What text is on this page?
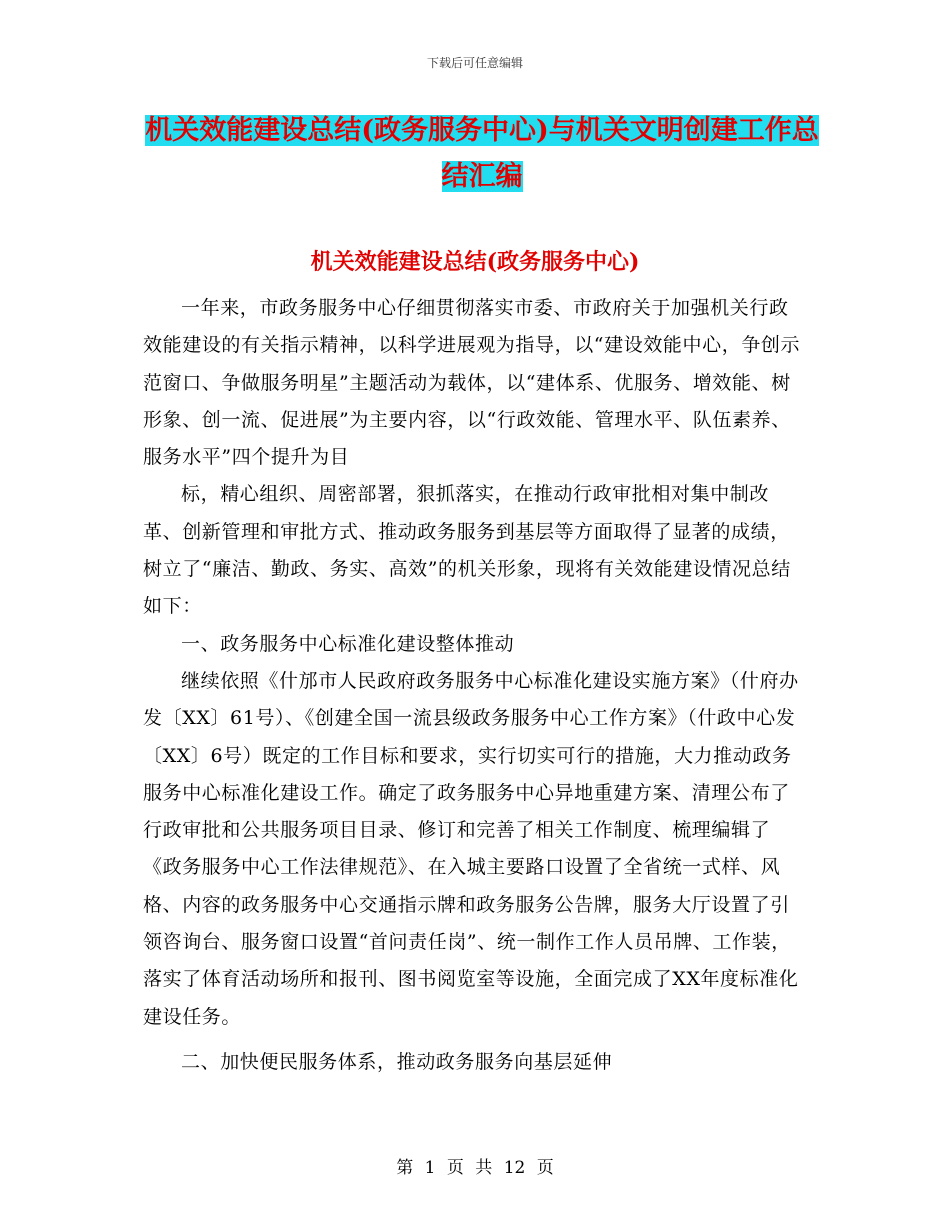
下载后可任意编辑
机关效能建设总结(政务服务中心)与机关文明创建工作总结汇编
机关效能建设总结(政务服务中心)

一年来，市政务服务中心仔细贯彻落实市委、市政府关于加强机关行政效能建设的有关指示精神，以科学进展观为指导，以“建设效能中心，争创示范窗口、争做服务明星”主题活动为载体，以“建体系、优服务、增效能、树形象、创一流、促进展”为主要内容，以“行政效能、管理水平、队伍素养、服务水平”四个提升为目

标，精心组织、周密部署，狠抓落实，在推动行政审批相对集中制改革、创新管理和审批方式、推动政务服务到基层等方面取得了显著的成绩，树立了“廉洁、勤政、务实、高效”的机关形象，现将有关效能建设情况总结如下：

一、政务服务中心标准化建设整体推动

继续依照《什邡市人民政府政务服务中心标准化建设实施方案》（什府办发〔XX〕61号）、《创建全国一流县级政务服务中心工作方案》（什政中心发〔XX〕6号）既定的工作目标和要求，实行切实可行的措施，大力推动政务服务中心标准化建设工作。确定了政务服务中心异地重建方案、清理公布了行政审批和公共服务项目目录、修订和完善了相关工作制度、梳理编辑了《政务服务中心工作法律规范》、在入城主要路口设置了全省统一式样、风格、内容的政务服务中心交通指示牌和政务服务公告牌，服务大厅设置了引领咨询台、服务窗口设置“首问责任岗”、统一制作工作人员吊牌、工作装，落实了体育活动场所和报刊、图书阅览室等设施，全面完成了XX年度标准化建设任务。

二、加快便民服务体系，推动政务服务向基层延伸

第 1 页 共 12 页
